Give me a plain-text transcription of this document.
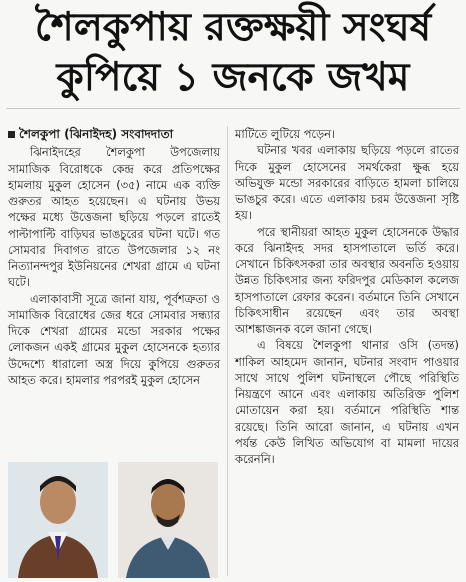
শৈলকুপায় রক্তক্ষয়ী সংঘর্ষ
কুপিয়ে ১ জনকে জখম
শৈলকুপা (ঝিনাইদহ) সংবাদদাতা

ঝিনাইদহের শৈলকুপা উপজেলায় সামাজিক বিরোধকে কেন্দ্র করে প্রতিপক্ষের হামলায় মুকুল হোসেন (৩৫) নামে এক ব্যক্তি গুরুতর আহত হয়েছেন। এ ঘটনায় উভয় পক্ষের মধ্যে উত্তেজনা ছড়িয়ে পড়লে রাতেই পাল্টাপাল্টি বাড়িঘর ভাঙচুরের ঘটনা ঘটে। গত সোমবার দিবাগত রাতে উপজেলার ১২ নং নিত্যানন্দপুর ইউনিয়নের শেখরা গ্রামে এ ঘটনা ঘটে।

এলাকাবাসী সূত্রে জানা যায়, পূর্বশত্রুতা ও সামাজিক বিরোধের জের ধরে সোমবার সন্ধ্যার দিকে শেখরা গ্রামের মন্ডো সরকার পক্ষের লোকজন একই গ্রামের মুকুল হোসেনকে হত্যার উদ্দেশ্যে ধারালো অস্ত্র দিয়ে কুপিয়ে গুরুতর আহত করে। হামলার পরপরই মুকুল হোসেন

মাটিতে লুটিয়ে পড়েন।

ঘটনার খবর এলাকায় ছড়িয়ে পড়লে রাতের দিকে মুকুল হোসেনের সমর্থকেরা ক্ষুব্ধ হয়ে অভিযুক্ত মন্ডো সরকারের বাড়িতে হামলা চালিয়ে ভাঙচুর করে। এতে এলাকায় চরম উত্তেজনা সৃষ্টি হয়।

পরে স্থানীয়রা আহত মুকুল হোসেনকে উদ্ধার করে ঝিনাইদহ সদর হাসপাতালে ভর্তি করে। সেখানে চিকিৎসকরা তার অবস্থার অবনতি হওয়ায় উন্নত চিকিৎসার জন্য ফরিদপুর মেডিকাল কলেজ হাসপাতালে রেফার করেন। বর্তমানে তিনি সেখানে চিকিৎসাধীন রয়েছেন এবং তার অবস্থা আশঙ্কাজনক বলে জানা গেছে।

এ বিষয়ে শৈলকুপা থানার ওসি (তদন্ত) শাকিল আহমেদ জানান, ঘটনার সংবাদ পাওয়ার সাথে সাথে পুলিশ ঘটনাস্থলে পৌছে পরিস্থিতি নিয়ন্ত্রণে আনে এবং এলাকায় অতিরিক্ত পুলিশ মোতায়েন করা হয়। বর্তমানে পরিস্থিতি শান্ত রয়েছে। তিনি আরো জানান, এ ঘটনায় এখন পর্যন্ত কেউ লিখিত অভিযোগ বা মামলা দায়ের করেননি।
